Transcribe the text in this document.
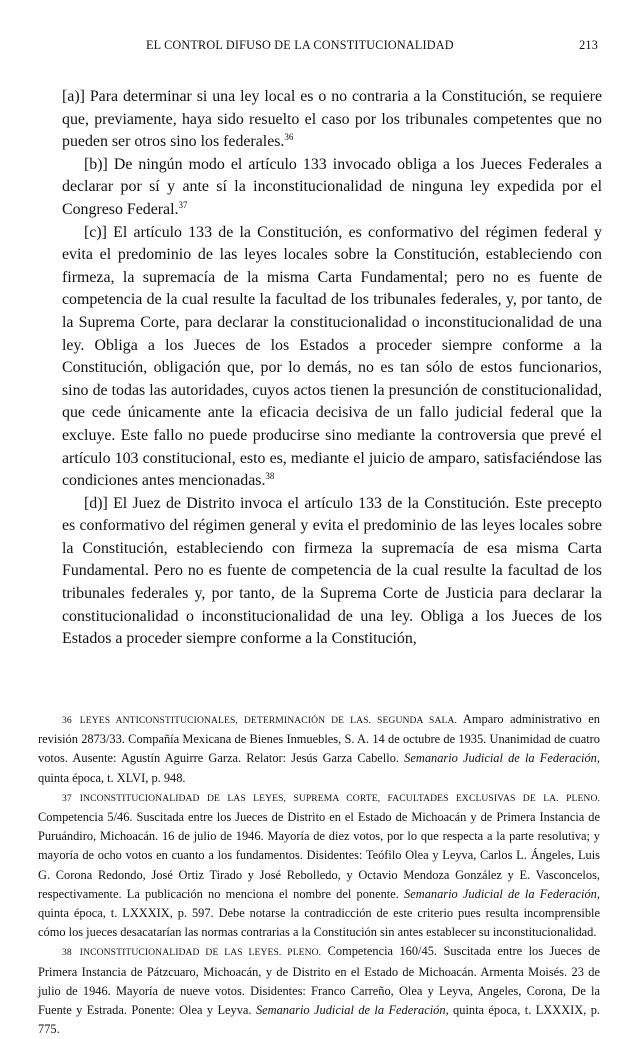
EL CONTROL DIFUSO DE LA CONSTITUCIONALIDAD	213

[a)] Para determinar si una ley local es o no contraria a la Constitución, se requiere que, previamente, haya sido resuelto el caso por los tribunales competentes que no pueden ser otros sino los federales.$^{36}$

[b)] De ningún modo el artículo 133 invocado obliga a los Jueces Federales a declarar por sí y ante sí la inconstitucionalidad de ninguna ley expedida por el Congreso Federal.$^{37}$

[c)] El artículo 133 de la Constitución, es conformativo del régimen federal y evita el predominio de las leyes locales sobre la Constitución, estableciendo con firmeza, la supremacía de la misma Carta Fundamental; pero no es fuente de competencia de la cual resulte la facultad de los tribunales federales, y, por tanto, de la Suprema Corte, para declarar la constitucionalidad o inconstitucionalidad de una ley. Obliga a los Jueces de los Estados a proceder siempre conforme a la Constitución, obligación que, por lo demás, no es tan sólo de estos funcionarios, sino de todas las autoridades, cuyos actos tienen la presunción de constitucionalidad, que cede únicamente ante la eficacia decisiva de un fallo judicial federal que la excluye. Este fallo no puede producirse sino mediante la controversia que prevé el artículo 103 constitucional, esto es, mediante el juicio de amparo, satisfaciéndose las condiciones antes mencionadas.$^{38}$

[d)] El Juez de Distrito invoca el artículo 133 de la Constitución. Este precepto es conformativo del régimen general y evita el predominio de las leyes locales sobre la Constitución, estableciendo con firmeza la supremacía de esa misma Carta Fundamental. Pero no es fuente de competencia de la cual resulte la facultad de los tribunales federales y, por tanto, de la Suprema Corte de Justicia para declarar la constitucionalidad o inconstitucionalidad de una ley. Obliga a los Jueces de los Estados a proceder siempre conforme a la Constitución,

36 LEYES ANTICONSTITUCIONALES, DETERMINACIÓN DE LAS. SEGUNDA SALA. Amparo administrativo en revisión 2873/33. Compañía Mexicana de Bienes Inmuebles, S. A. 14 de octubre de 1935. Unanimidad de cuatro votos. Ausente: Agustín Aguirre Garza. Relator: Jesús Garza Cabello. Semanario Judicial de la Federación, quinta época, t. XLVI, p. 948.

37 INCONSTITUCIONALIDAD DE LAS LEYES, SUPREMA CORTE, FACULTADES EXCLUSIVAS DE LA. PLENO. Competencia 5/46. Suscitada entre los Jueces de Distrito en el Estado de Michoacán y de Primera Instancia de Puruándiro, Michoacán. 16 de julio de 1946. Mayoría de diez votos, por lo que respecta a la parte resolutiva; y mayoría de ocho votos en cuanto a los fundamentos. Disidentes: Teófilo Olea y Leyva, Carlos L. Ángeles, Luis G. Corona Redondo, José Ortiz Tirado y José Rebolledo, y Octavio Mendoza González y E. Vasconcelos, respectivamente. La publicación no menciona el nombre del ponente. Semanario Judicial de la Federación, quinta época, t. LXXXIX, p. 597. Debe notarse la contradicción de este criterio pues resulta incomprensible cómo los jueces desacatarían las normas contrarias a la Constitución sin antes establecer su inconstitucionalidad.

38 INCONSTITUCIONALIDAD DE LAS LEYES. PLENO. Competencia 160/45. Suscitada entre los Jueces de Primera Instancia de Pátzcuaro, Michoacán, y de Distrito en el Estado de Michoacán. Armenta Moisés. 23 de julio de 1946. Mayoría de nueve votos. Disidentes: Franco Carreño, Olea y Leyva, Angeles, Corona, De la Fuente y Estrada. Ponente: Olea y Leyva. Semanario Judicial de la Federación, quinta época, t. LXXXIX, p. 775.
